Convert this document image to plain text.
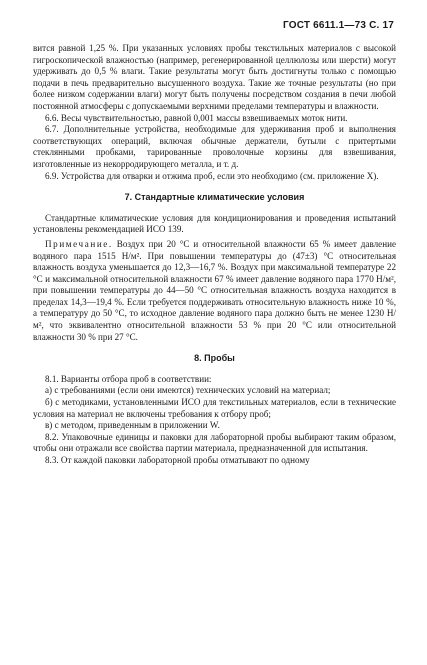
ГОСТ 6611.1—73 С. 17

вится равной 1,25 %. При указанных условиях пробы текстильных материалов с высокой гигроскопической влажностью (например, регенерированной целлюлозы или шерсти) могут удерживать до 0,5 % влаги. Такие результаты могут быть достигнуты только с помощью подачи в печь предварительно высушенного воздуха. Такие же точные результаты (но при более низком содержании влаги) могут быть получены посредством создания в печи любой постоянной атмосферы с допускаемыми верхними пределами температуры и влажности.

6.6. Весы чувствительностью, равной 0,001 массы взвешиваемых моток нити.

6.7. Дополнительные устройства, необходимые для удерживания проб и выполнения соответствующих операций, включая обычные держатели, бутыли с притертыми стеклянными пробками, тарированные проволочные корзины для взвешивания, изготовленные из некорродирующего металла, и т. д.

6.9. Устройства для отварки и отжима проб, если это необходимо (см. приложение X).

7. Стандартные климатические условия

Стандартные климатические условия для кондиционирования и проведения испытаний установлены рекомендацией ИСО 139.

Примечание. Воздух при 20 °С и относительной влажности 65 % имеет давление водяного пара 1515 Н/м². При повышении температуры до (47±3) °С относительная влажность воздуха уменьшается до 12,3—16,7 %. Воздух при максимальной температуре 22 °С и максимальной относительной влажности 67 % имеет давление водяного пара 1770 Н/м², при повышении температуры до 44—50 °С относительная влажность воздуха находится в пределах 14,3—19,4 %. Если требуется поддерживать относительную влажность ниже 10 %, а температуру до 50 °С, то исходное давление водяного пара должно быть не менее 1230 Н/м², что эквивалентно относительной влажности 53 % при 20 °С или относительной влажности 30 % при 27 °С.

8. Пробы

8.1. Варианты отбора проб в соответствии:

а) с требованиями (если они имеются) технических условий на материал;

б) с методиками, установленными ИСО для текстильных материалов, если в технические условия на материал не включены требования к отбору проб;

в) с методом, приведенным в приложении W.

8.2. Упаковочные единицы и паковки для лабораторной пробы выбирают таким образом, чтобы они отражали все свойства партии материала, предназначенной для испытания.

8.3. От каждой паковки лабораторной пробы отматывают по одному
